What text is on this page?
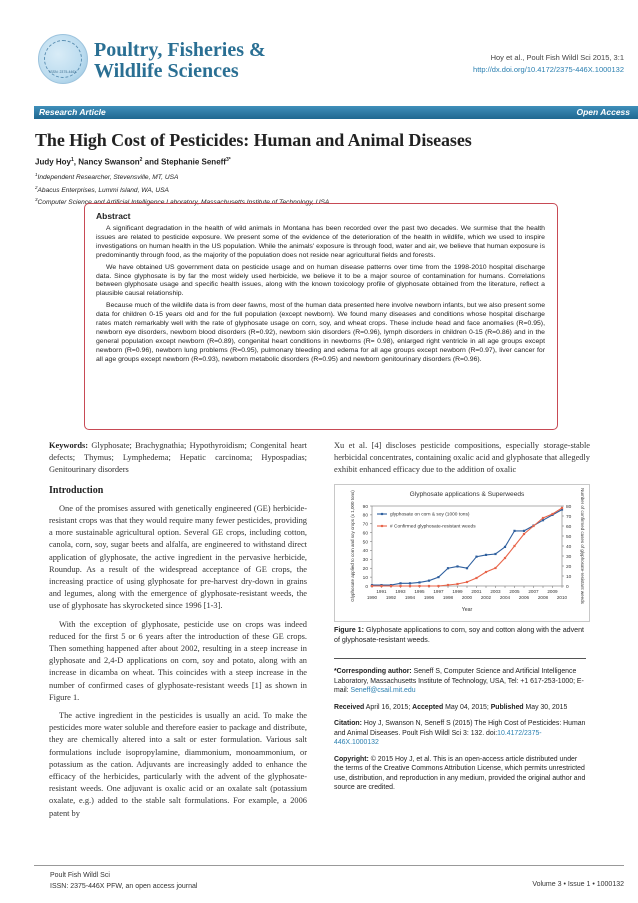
ISSN: 2375-446X
Poultry, Fisheries &
Wildlife Sciences
Hoy et al., Poult Fish Wildl Sci 2015, 3:1
http://dx.doi.org/10.4172/2375-446X.1000132
Research Article	Open Access
The High Cost of Pesticides: Human and Animal Diseases
Judy Hoy$^1$, Nancy Swanson$^2$ and Stephanie Seneff$^{3*}$
$^1$Independent Researcher, Stevensville, MT, USA
$^2$Abacus Enterprises, Lummi Island, WA, USA
$^3$Computer Science and Artificial Intelligence Laboratory, Massachusetts Institute of Technology, USA
Abstract

A significant degradation in the health of wild animals in Montana has been recorded over the past two decades. We surmise that the health issues are related to pesticide exposure. We present some of the evidence of the deterioration of the health in wildlife, which we used to inspire investigations on human health in the US population. While the animals' exposure is through food, water and air, we believe that human exposure is predominantly through food, as the majority of the population does not reside near agricultural fields and forests.

We have obtained US government data on pesticide usage and on human disease patterns over time from the 1998-2010 hospital discharge data. Since glyphosate is by far the most widely used herbicide, we believe it to be a major source of contamination for humans. Correlations between glyphosate usage and specific health issues, along with the known toxicology profile of glyphosate obtained from the literature, reflect a plausible causal relationship.

Because much of the wildlife data is from deer fawns, most of the human data presented here involve newborn infants, but we also present some data for children 0-15 years old and for the full population (except newborn). We found many diseases and conditions whose hospital discharge rates match remarkably well with the rate of glyphosate usage on corn, soy, and wheat crops. These include head and face anomalies (R=0.95), newborn eye disorders, newborn blood disorders (R=0.92), newborn skin disorders (R=0.96), lymph disorders in children 0-15 (R=0.86) and in the general population except newborn (R=0.89), congenital heart conditions in newborns (R= 0.98), enlarged right ventricle in all age groups except newborn (R=0.96), newborn lung problems (R=0.95), pulmonary bleeding and edema for all age groups except newborn (R=0.97), liver cancer for all age groups except newborn (R=0.93), newborn metabolic disorders (R=0.95) and newborn genitourinary disorders (R=0.96).

Keywords: Glyphosate; Brachygnathia; Hypothyroidism; Congenital heart defects; Thymus; Lymphedema; Hepatic carcinoma; Hypospadias; Genitourinary disorders
Introduction

One of the promises assured with genetically engineered (GE) herbicide-resistant crops was that they would require many fewer pesticides, providing a more sustainable agricultural option. Several GE crops, including cotton, canola, corn, soy, sugar beets and alfalfa, are engineered to withstand direct application of glyphosate, the active ingredient in the pervasive herbicide, Roundup. As a result of the widespread acceptance of GE crops, the increasing practice of using glyphosate for pre-harvest dry-down in grains and legumes, along with the emergence of glyphosate-resistant weeds, the use of glyphosate has skyrocketed since 1996 [1-3].

With the exception of glyphosate, pesticide use on crops was indeed reduced for the first 5 or 6 years after the introduction of these GE crops. Then something happened after about 2002, resulting in a steep increase in glyphosate and 2,4-D applications on corn, soy and potato, along with an increase in dicamba on wheat. This coincides with a steep increase in the number of confirmed cases of glyphosate-resistant weeds [1] as shown in Figure 1.

The active ingredient in the pesticides is usually an acid. To make the pesticides more water soluble and therefore easier to package and distribute, they are chemically altered into a salt or ester formulation. Various salt formulations include isopropylamine, diammonium, monoammonium, or potassium as the cation. Adjuvants are increasingly added to enhance the efficacy of the herbicides, particularly with the advent of the glyphosate-resistant weeds. One adjuvant is oxalic acid or an oxalate salt (potassium oxalate, e.g.) added to the stable salt formulations. For example, a 2006 patent by

Xu et al. [4] discloses pesticide compositions, especially storage-stable herbicidal concentrates, containing oxalic acid and glyphosate that allegedly exhibit enhanced efficacy due to the addition of oxalic
Glyphosate applications & Superweeds
0
10
20
30
40
50
60
70
80
90
0
10
20
30
40
50
60
70
80
1991 1993 1995 1997 1999 2001 2003 2005 2007 2009
1990 1992 1994 1996 1998 2000 2002 2004 2006 2008 2010
Year
Glyphosate applied to corn and soy crops (x 1,000 tons)	Number of confirmed cases of glyphosate-resistant weeds
glyphosate on corn & soy (1000 tons)
# Confirmed glyphosate-resistant weeds
Figure 1: Glyphosate applications to corn, soy and cotton along with the advent of glyphosate-resistant weeds.

*Corresponding author: Seneff S, Computer Science and Artificial Intelligence Laboratory, Massachusetts Institute of Technology, USA, Tel: +1 617-253-1000; E-mail: Seneff@csail.mit.edu

Received April 16, 2015; Accepted May 04, 2015; Published May 30, 2015

Citation: Hoy J, Swanson N, Seneff S (2015) The High Cost of Pesticides: Human and Animal Diseases. Poult Fish Wildl Sci 3: 132. doi:10.4172/2375-446X.1000132

Copyright: © 2015 Hoy J, et al. This is an open-access article distributed under the terms of the Creative Commons Attribution License, which permits unrestricted use, distribution, and reproduction in any medium, provided the original author and source are credited.

Poult Fish Wildl Sci
ISSN: 2375-446X PFW, an open access journal	Volume 3 • Issue 1 • 1000132
